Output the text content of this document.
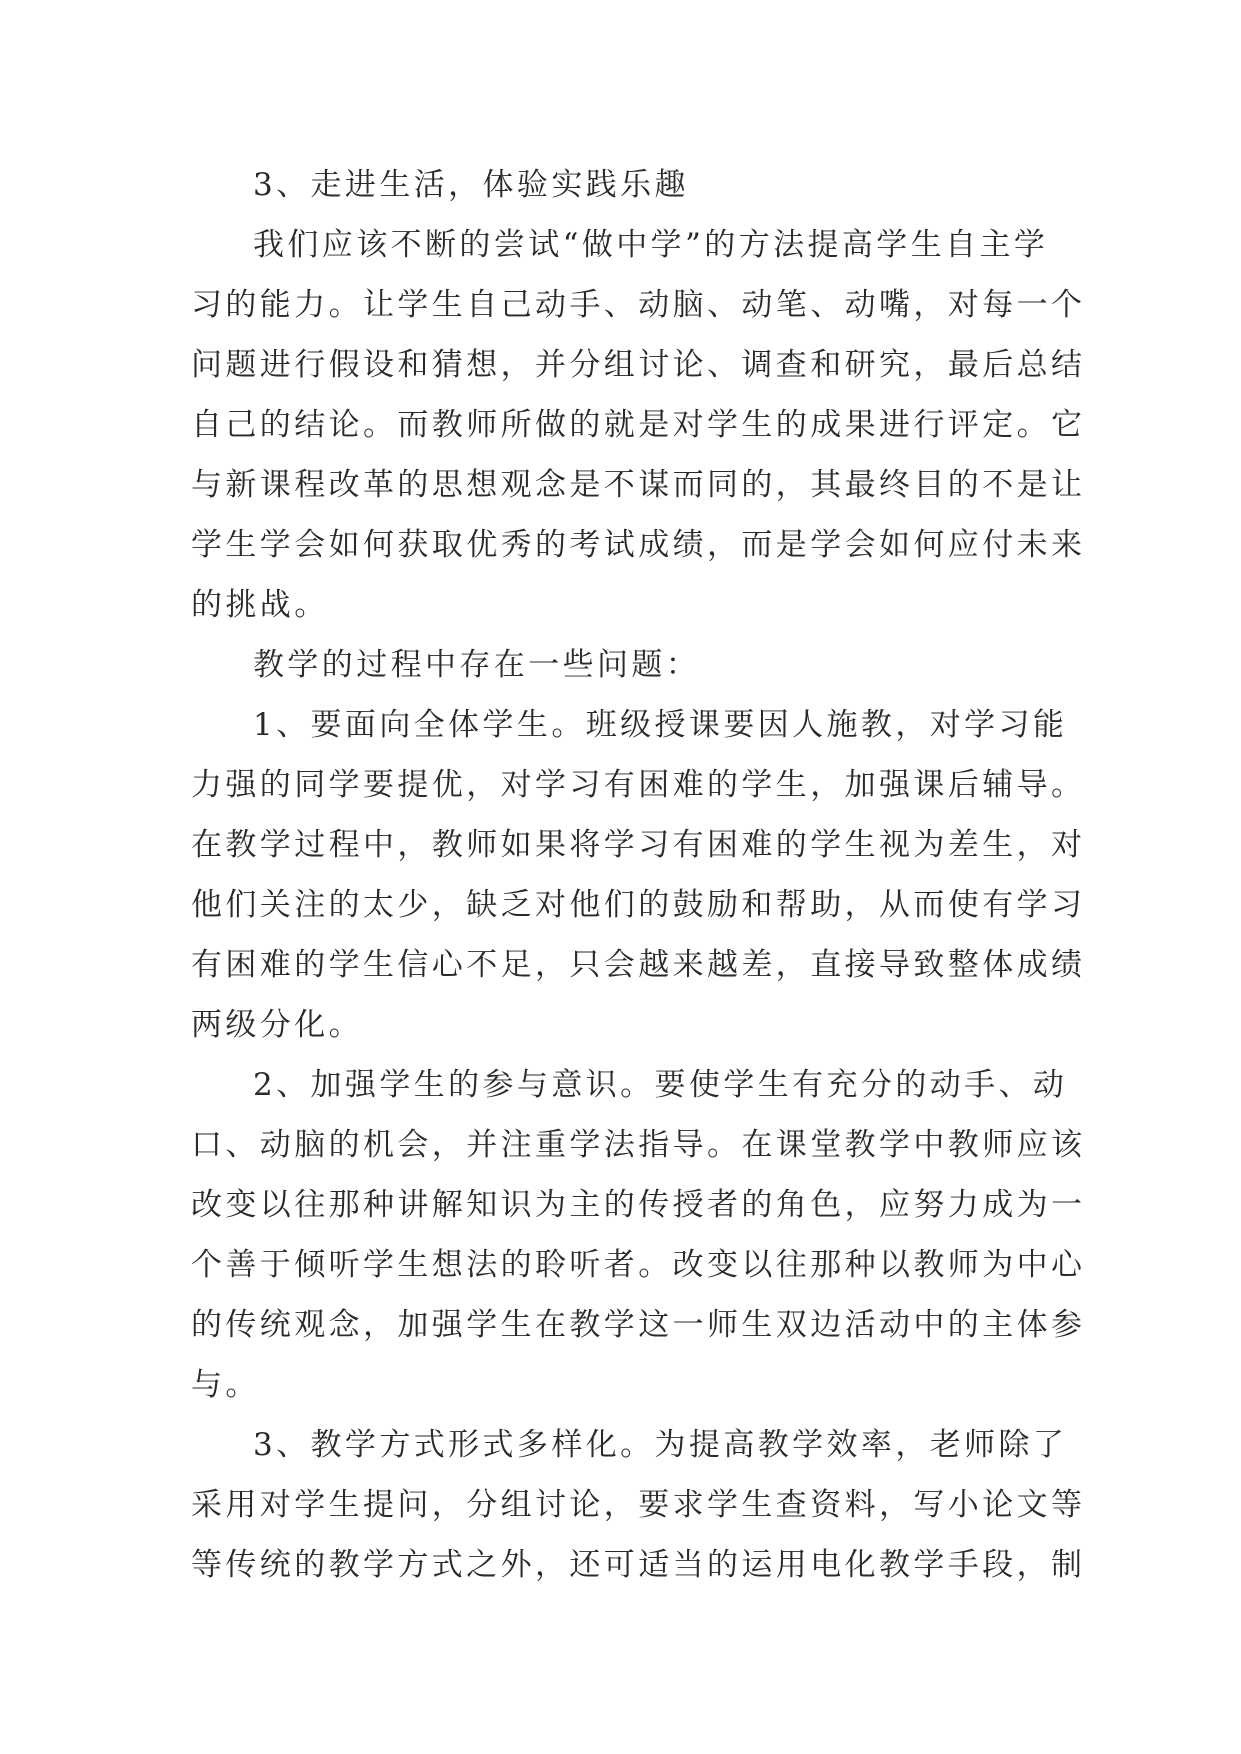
3、走进生活，体验实践乐趣

我们应该不断的尝试“做中学”的方法提高学生自主学

习的能力。让学生自己动手、动脑、动笔、动嘴，对每一个

问题进行假设和猜想，并分组讨论、调查和研究，最后总结

自己的结论。而教师所做的就是对学生的成果进行评定。它

与新课程改革的思想观念是不谋而同的，其最终目的不是让

学生学会如何获取优秀的考试成绩，而是学会如何应付未来

的挑战。

教学的过程中存在一些问题：

1、要面向全体学生。班级授课要因人施教，对学习能

力强的同学要提优，对学习有困难的学生，加强课后辅导。

在教学过程中，教师如果将学习有困难的学生视为差生，对

他们关注的太少，缺乏对他们的鼓励和帮助，从而使有学习

有困难的学生信心不足，只会越来越差，直接导致整体成绩

两级分化。

2、加强学生的参与意识。要使学生有充分的动手、动

口、动脑的机会，并注重学法指导。在课堂教学中教师应该

改变以往那种讲解知识为主的传授者的角色，应努力成为一

个善于倾听学生想法的聆听者。改变以往那种以教师为中心

的传统观念，加强学生在教学这一师生双边活动中的主体参

与。

3、教学方式形式多样化。为提高教学效率，老师除了

采用对学生提问，分组讨论，要求学生查资料，写小论文等

等传统的教学方式之外，还可适当的运用电化教学手段，制
